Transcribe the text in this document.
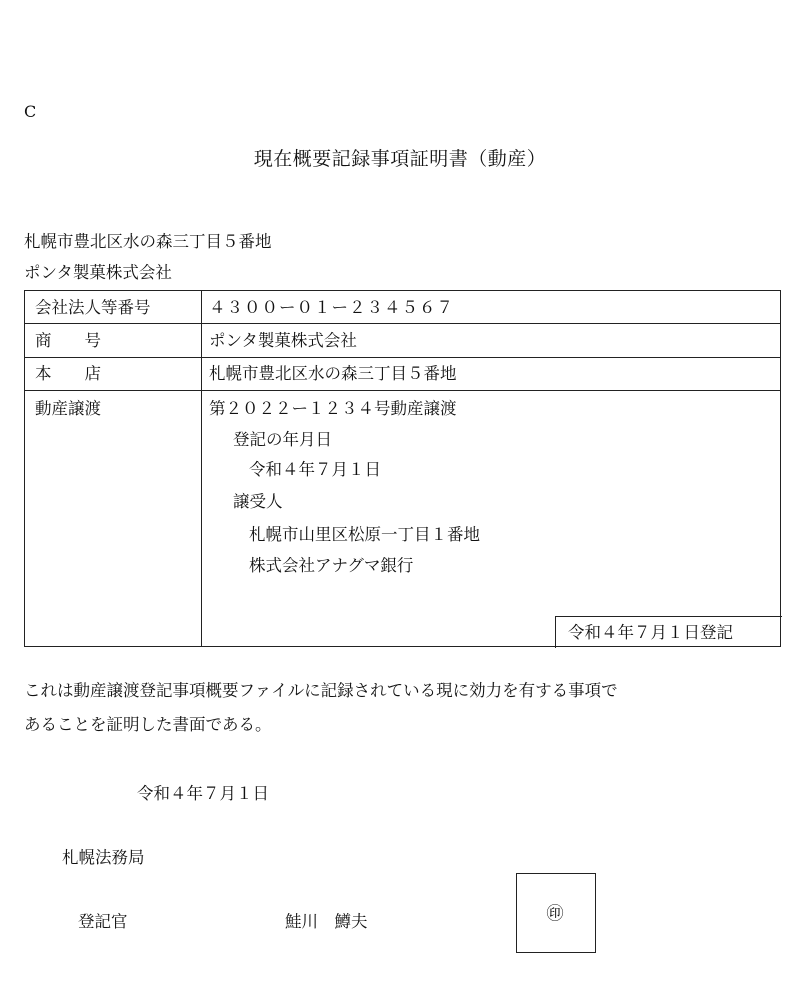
C
現在概要記録事項証明書（動産）
札幌市豊北区水の森三丁目５番地
ポンタ製菓株式会社
会社法人等番号	４３００ー０１ー２３４５６７
商　　号	ポンタ製菓株式会社
本　　店	札幌市豊北区水の森三丁目５番地
動産譲渡	第２０２２ー１２３４号動産譲渡
登記の年月日
令和４年７月１日
譲受人
札幌市山里区松原一丁目１番地
株式会社アナグマ銀行
令和４年７月１日登記
これは動産譲渡登記事項概要ファイルに記録されている現に効力を有する事項で
あることを証明した書面である。
令和４年７月１日
札幌法務局
登記官	鮭川　鱒夫	㊞
